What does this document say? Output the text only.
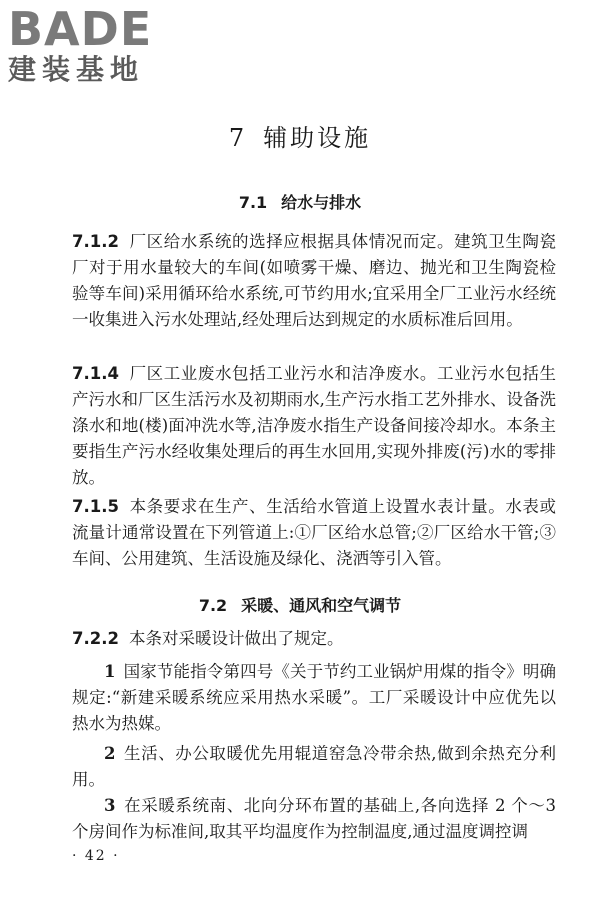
BADE
建装基地
7 辅助设施
7.1 给水与排水
7.1.2 厂区给水系统的选择应根据具体情况而定。建筑卫生陶瓷厂对于用水量较大的车间(如喷雾干燥、磨边、抛光和卫生陶瓷检验等车间)采用循环给水系统,可节约用水;宜采用全厂工业污水经统一收集进入污水处理站,经处理后达到规定的水质标准后回用。
7.1.4 厂区工业废水包括工业污水和洁净废水。工业污水包括生产污水和厂区生活污水及初期雨水,生产污水指工艺外排水、设备洗涤水和地(楼)面冲洗水等,洁净废水指生产设备间接冷却水。本条主要指生产污水经收集处理后的再生水回用,实现外排废(污)水的零排放。
7.1.5 本条要求在生产、生活给水管道上设置水表计量。水表或流量计通常设置在下列管道上:①厂区给水总管;②厂区给水干管;③车间、公用建筑、生活设施及绿化、浇洒等引入管。
7.2 采暖、通风和空气调节
7.2.2 本条对采暖设计做出了规定。
1 国家节能指令第四号《关于节约工业锅炉用煤的指令》明确规定:“新建采暖系统应采用热水采暖”。工厂采暖设计中应优先以热水为热媒。
2 生活、办公取暖优先用辊道窑急冷带余热,做到余热充分利用。
3 在采暖系统南、北向分环布置的基础上,各向选择 2 个～3 个房间作为标准间,取其平均温度作为控制温度,通过温度调控调
· 42 ·
